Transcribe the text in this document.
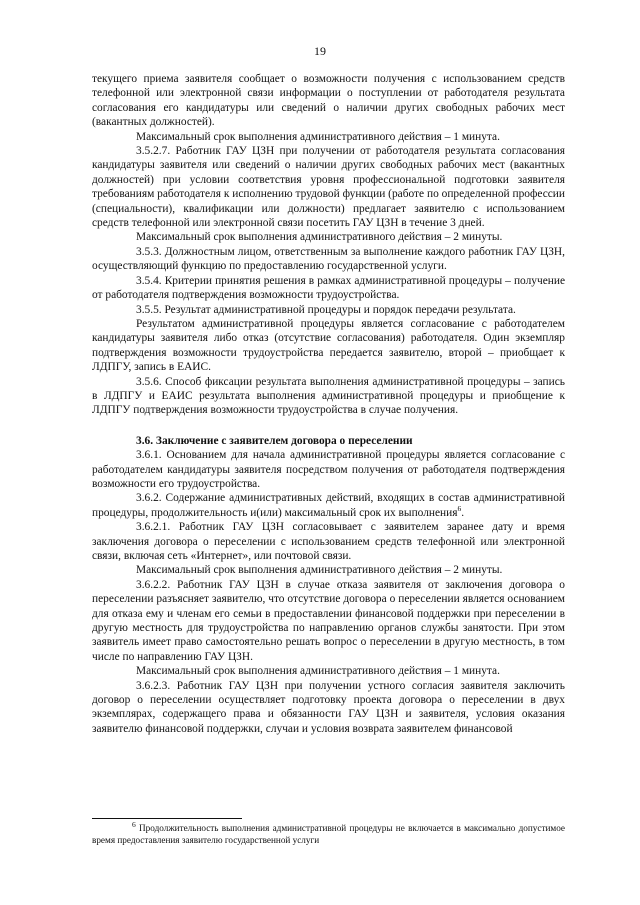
19

текущего приема заявителя сообщает о возможности получения с использованием средств телефонной или электронной связи информации о поступлении от работодателя результата согласования его кандидатуры или сведений о наличии других свободных рабочих мест (вакантных должностей).

Максимальный срок выполнения административного действия – 1 минута.

3.5.2.7. Работник ГАУ ЦЗН при получении от работодателя результата согласования кандидатуры заявителя или сведений о наличии других свободных рабочих мест (вакантных должностей) при условии соответствия уровня профессиональной подготовки заявителя требованиям работодателя к исполнению трудовой функции (работе по определенной профессии (специальности), квалификации или должности) предлагает заявителю с использованием средств телефонной или электронной связи посетить ГАУ ЦЗН в течение 3 дней.

Максимальный срок выполнения административного действия – 2 минуты.

3.5.3. Должностным лицом, ответственным за выполнение каждого работник ГАУ ЦЗН, осуществляющий функцию по предоставлению государственной услуги.

3.5.4. Критерии принятия решения в рамках административной процедуры – получение от работодателя подтверждения возможности трудоустройства.

3.5.5. Результат административной процедуры и порядок передачи результата.

Результатом административной процедуры является согласование с работодателем кандидатуры заявителя либо отказ (отсутствие согласования) работодателя. Один экземпляр подтверждения возможности трудоустройства передается заявителю, второй – приобщает к ЛДПГУ, запись в ЕАИС.

3.5.6. Способ фиксации результата выполнения административной процедуры – запись в ЛДПГУ и ЕАИС результата выполнения административной процедуры и приобщение к ЛДПГУ подтверждения возможности трудоустройства в случае получения.

3.6. Заключение с заявителем договора о переселении

3.6.1. Основанием для начала административной процедуры является согласование с работодателем кандидатуры заявителя посредством получения от работодателя подтверждения возможности его трудоустройства.

3.6.2. Содержание административных действий, входящих в состав административной процедуры, продолжительность и(или) максимальный срок их выполнения$^6$.

3.6.2.1. Работник ГАУ ЦЗН согласовывает с заявителем заранее дату и время заключения договора о переселении с использованием средств телефонной или электронной связи, включая сеть «Интернет», или почтовой связи.

Максимальный срок выполнения административного действия – 2 минуты.

3.6.2.2. Работник ГАУ ЦЗН в случае отказа заявителя от заключения договора о переселении разъясняет заявителю, что отсутствие договора о переселении является основанием для отказа ему и членам его семьи в предоставлении финансовой поддержки при переселении в другую местность для трудоустройства по направлению органов службы занятости. При этом заявитель имеет право самостоятельно решать вопрос о переселении в другую местность, в том числе по направлению ГАУ ЦЗН.

Максимальный срок выполнения административного действия – 1 минута.

3.6.2.3. Работник ГАУ ЦЗН при получении устного согласия заявителя заключить договор о переселении осуществляет подготовку проекта договора о переселении в двух экземплярах, содержащего права и обязанности ГАУ ЦЗН и заявителя, условия оказания заявителю финансовой поддержки, случаи и условия возврата заявителем финансовой

$^6$ Продолжительность выполнения административной процедуры не включается в максимально допустимое время предоставления заявителю государственной услуги
